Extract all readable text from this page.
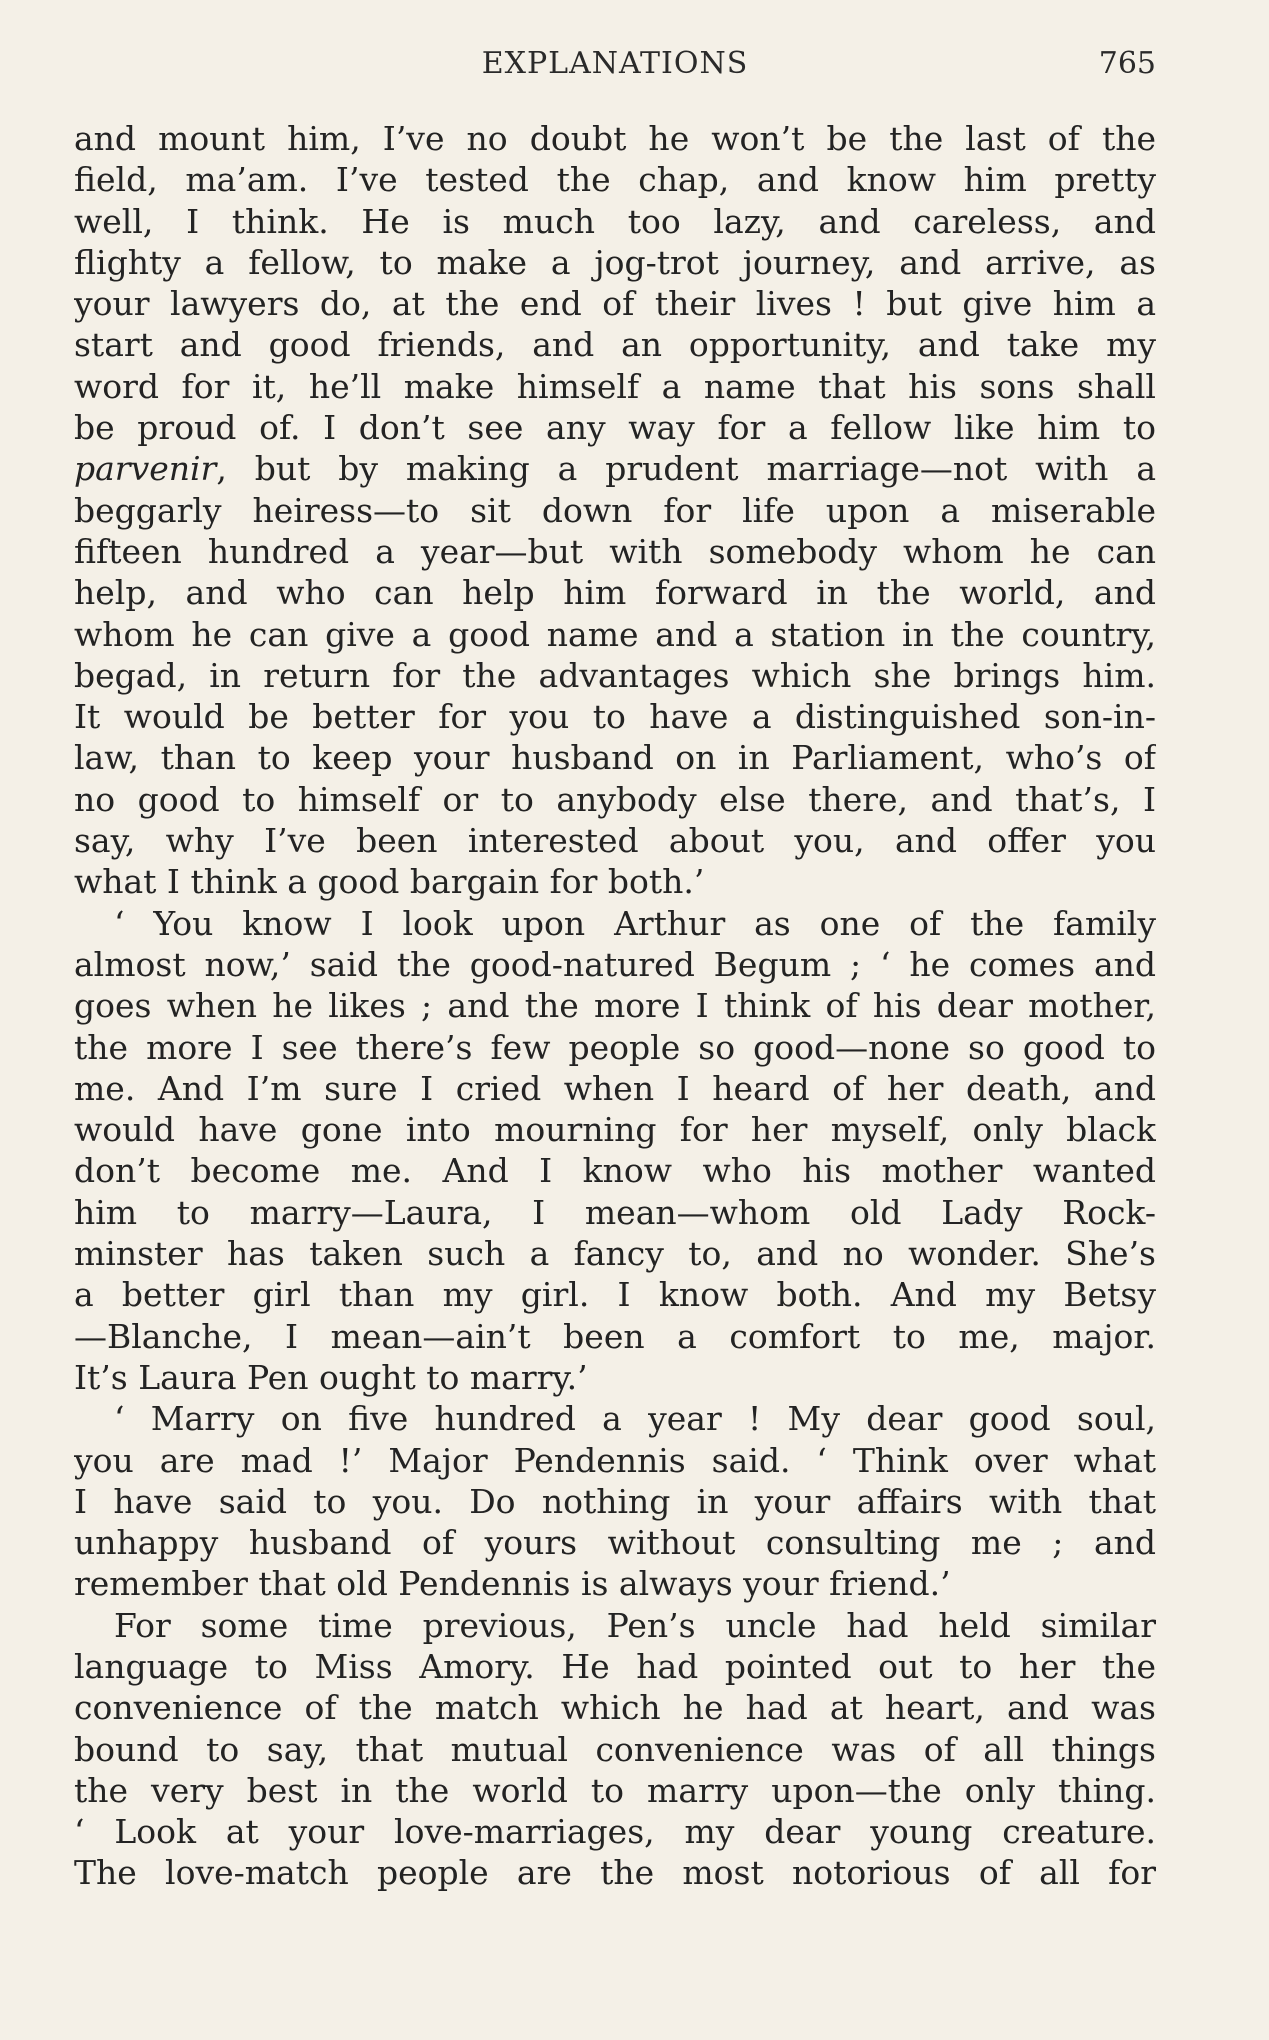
EXPLANATIONS	765
and mount him, I’ve no doubt he won’t be the last of the
field, ma’am. I’ve tested the chap, and know him pretty
well, I think. He is much too lazy, and careless, and
flighty a fellow, to make a jog-trot journey, and arrive, as
your lawyers do, at the end of their lives ! but give him a
start and good friends, and an opportunity, and take my
word for it, he’ll make himself a name that his sons shall
be proud of. I don’t see any way for a fellow like him to
parvenir, but by making a prudent marriage—not with a
beggarly heiress—to sit down for life upon a miserable
fifteen hundred a year—but with somebody whom he can
help, and who can help him forward in the world, and
whom he can give a good name and a station in the country,
begad, in return for the advantages which she brings him.
It would be better for you to have a distinguished son-in-
law, than to keep your husband on in Parliament, who’s of
no good to himself or to anybody else there, and that’s, I
say, why I’ve been interested about you, and offer you
what I think a good bargain for both.’
‘ You know I look upon Arthur as one of the family
almost now,’ said the good-natured Begum ; ‘ he comes and
goes when he likes ; and the more I think of his dear mother,
the more I see there’s few people so good—none so good to
me. And I’m sure I cried when I heard of her death, and
would have gone into mourning for her myself, only black
don’t become me. And I know who his mother wanted
him to marry—Laura, I mean—whom old Lady Rock-
minster has taken such a fancy to, and no wonder. She’s
a better girl than my girl. I know both. And my Betsy
—Blanche, I mean—ain’t been a comfort to me, major.
It’s Laura Pen ought to marry.’
‘ Marry on five hundred a year ! My dear good soul,
you are mad !’ Major Pendennis said. ‘ Think over what
I have said to you. Do nothing in your affairs with that
unhappy husband of yours without consulting me ; and
remember that old Pendennis is always your friend.’
For some time previous, Pen’s uncle had held similar
language to Miss Amory. He had pointed out to her the
convenience of the match which he had at heart, and was
bound to say, that mutual convenience was of all things
the very best in the world to marry upon—the only thing.
‘ Look at your love-marriages, my dear young creature.
The love-match people are the most notorious of all for
